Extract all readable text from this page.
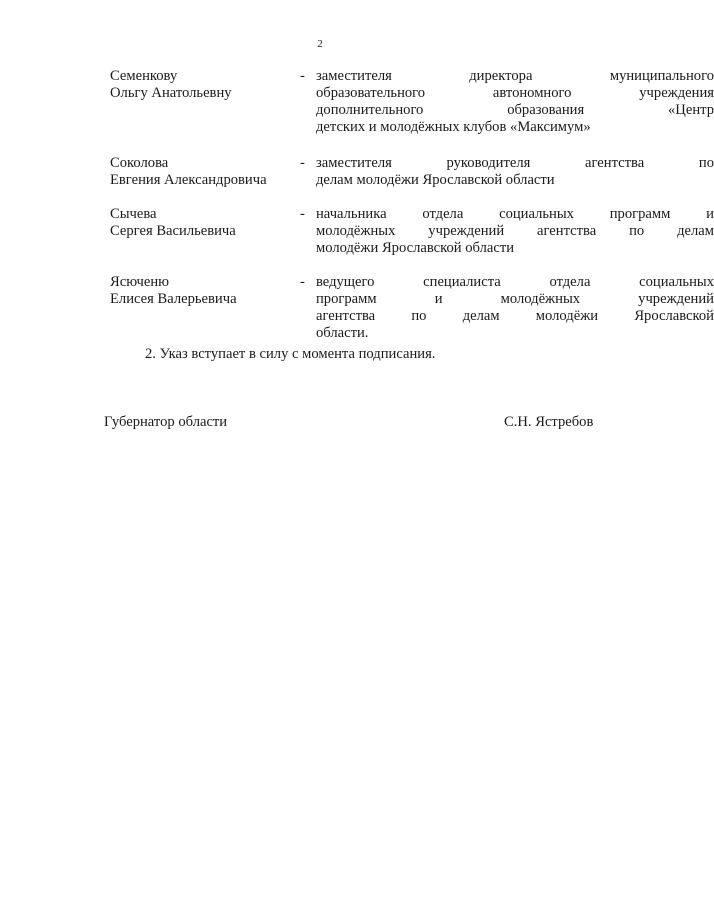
2
Семенкову
Ольгу Анатольевну
- заместителя директора муниципального
образовательного автономного учреждения
дополнительного образования «Центр
детских и молодёжных клубов «Максимум»
Соколова
Евгения Александровича
- заместителя руководителя агентства по
делам молодёжи Ярославской области
Сычева
Сергея Васильевича
- начальника отдела социальных программ и
молодёжных учреждений агентства по делам
молодёжи Ярославской области
Ясюченю
Елисея Валерьевича
- ведущего специалиста отдела социальных
программ и молодёжных учреждений
агентства по делам молодёжи Ярославской
области.
2. Указ вступает в силу с момента подписания.
Губернатор области	С.Н. Ястребов
